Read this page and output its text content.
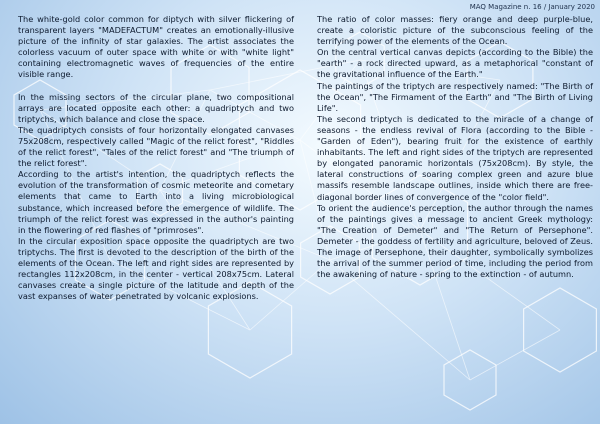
MAQ Magazine n. 16 / January 2020

The white-gold color common for diptych with silver flickering of transparent layers "MADEFACTUM" creates an emotionally-illusive picture of the infinity of star galaxies. The artist associates the colorless vacuum of outer space with white or with "white light" containing electromagnetic waves of frequencies of the entire visible range.

In the missing sectors of the circular plane, two compositional arrays are located opposite each other: a quadriptych and two triptychs, which balance and close the space.

The quadriptych consists of four horizontally elongated canvases 75x208cm, respectively called "Magic of the relict forest", "Riddles of the relict forest", "Tales of the relict forest" and "The triumph of the relict forest".

According to the artist's intention, the quadriptych reflects the evolution of the transformation of cosmic meteorite and cometary elements that came to Earth into a living microbiological substance, which increased before the emergence of wildlife. The triumph of the relict forest was expressed in the author's painting in the flowering of red flashes of "primroses".

In the circular exposition space opposite the quadriptych are two triptychs. The first is devoted to the description of the birth of the elements of the Ocean. The left and right sides are represented by rectangles 112x208cm, in the center - vertical 208x75cm. Lateral canvases create a single picture of the latitude and depth of the vast expanses of water penetrated by volcanic explosions.

The ratio of color masses: fiery orange and deep purple-blue, create a coloristic picture of the subconscious feeling of the terrifying power of the elements of the Ocean.

On the central vertical canvas depicts (according to the Bible) the "earth" - a rock directed upward, as a metaphorical "constant of the gravitational influence of the Earth."

The paintings of the triptych are respectively named: "The Birth of the Ocean", "The Firmament of the Earth" and "The Birth of Living Life".

The second triptych is dedicated to the miracle of a change of seasons - the endless revival of Flora (according to the Bible - "Garden of Eden"), bearing fruit for the existence of earthly inhabitants. The left and right sides of the triptych are represented by elongated panoramic horizontals (75x208cm). By style, the lateral constructions of soaring complex green and azure blue massifs resemble landscape outlines, inside which there are free-diagonal border lines of convergence of the "color field".

To orient the audience's perception, the author through the names of the paintings gives a message to ancient Greek mythology: "The Creation of Demeter" and "The Return of Persephone". Demeter - the goddess of fertility and agriculture, beloved of Zeus. The image of Persephone, their daughter, symbolically symbolizes the arrival of the summer period of time, including the period from the awakening of nature - spring to the extinction - of autumn.
